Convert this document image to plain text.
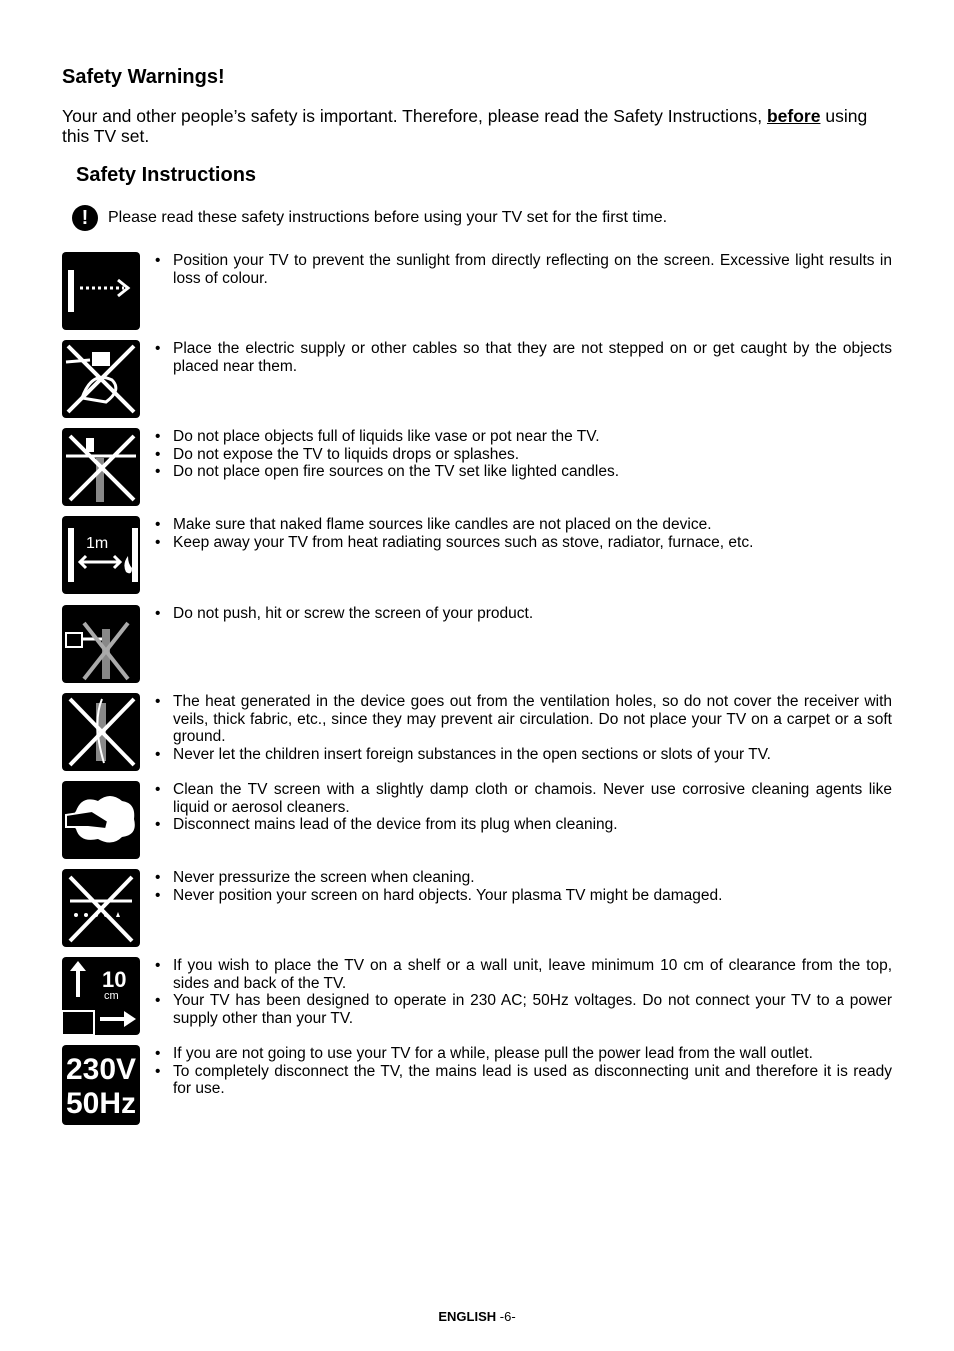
Safety Warnings!
Your and other people’s safety is important. Therefore, please read the Safety Instructions, before using this TV set.
Safety Instructions
!	Please read these safety instructions before using your TV set for the first time.
• Position your TV to prevent the sunlight from directly reflecting on the screen. Excessive light results in loss of colour.
• Place the electric supply or other cables so that they are not stepped on or get caught by the objects placed near them.
• Do not place objects full of liquids like vase or pot near the TV.
• Do not expose the TV to liquids drops or splashes.
• Do not place open fire sources on the TV set like lighted candles.
1m
• Make sure that naked flame sources like candles are not placed on the device.
• Keep away your TV from heat radiating sources such as stove, radiator, furnace, etc.
• Do not push, hit or screw the screen of your product.
• The heat generated in the device goes out from the ventilation holes, so do not cover the receiver with veils, thick fabric, etc., since they may prevent air circulation. Do not place your TV on a carpet or a soft ground.
• Never let the children insert foreign substances in the open sections or slots of your TV.
• Clean the TV screen with a slightly damp cloth or chamois. Never use corrosive cleaning agents like liquid or aerosol cleaners.
• Disconnect mains lead of the device from its plug when cleaning.
• Never pressurize the screen when cleaning.
• Never position your screen on hard objects. Your plasma TV might be damaged.
10
cm
• If you wish to place the TV on a shelf or a wall unit, leave minimum 10 cm of clearance from the top, sides and back of the TV.
• Your TV has been designed to operate in 230 AC; 50Hz voltages. Do not connect your TV to a power supply other than your TV.
230V
50Hz
• If you are not going to use your TV for a while, please pull the power lead from the wall outlet.
• To completely disconnect the TV, the mains lead is used as disconnecting unit and therefore it is ready for use.
ENGLISH -6-
